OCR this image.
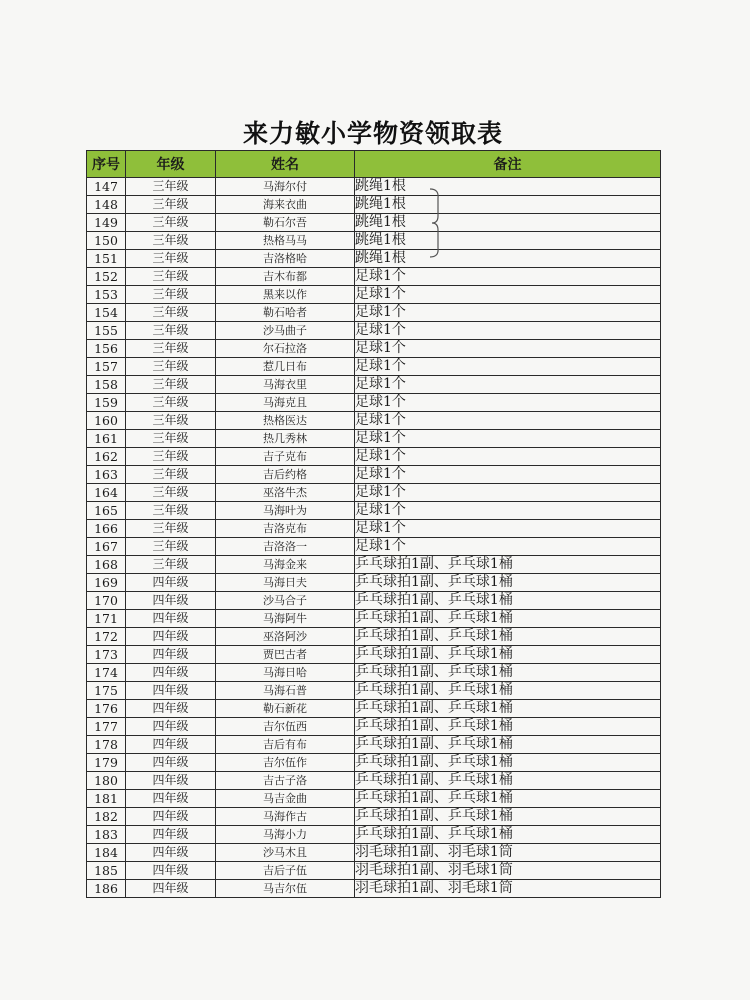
来力敏小学物资领取表
序号	年级	姓名	备注
147	三年级	马海尔付	跳绳1根
148	三年级	海来衣曲	跳绳1根
149	三年级	勒石尔吾	跳绳1根
150	三年级	热格马马	跳绳1根
151	三年级	吉洛格哈	跳绳1根
152	三年级	吉木布都	足球1个
153	三年级	黑来以作	足球1个
154	三年级	勒石哈者	足球1个
155	三年级	沙马曲子	足球1个
156	三年级	尔石拉洛	足球1个
157	三年级	惹几日布	足球1个
158	三年级	马海衣里	足球1个
159	三年级	马海克且	足球1个
160	三年级	热格医达	足球1个
161	三年级	热几秀林	足球1个
162	三年级	吉子克布	足球1个
163	三年级	吉后约格	足球1个
164	三年级	巫洛牛杰	足球1个
165	三年级	马海叶为	足球1个
166	三年级	吉洛克布	足球1个
167	三年级	吉洛洛一	足球1个
168	三年级	马海金来	乒乓球拍1副、乒乓球1桶
169	四年级	马海日夫	乒乓球拍1副、乒乓球1桶
170	四年级	沙马合子	乒乓球拍1副、乒乓球1桶
171	四年级	马海阿牛	乒乓球拍1副、乒乓球1桶
172	四年级	巫洛阿沙	乒乓球拍1副、乒乓球1桶
173	四年级	贾巴古者	乒乓球拍1副、乒乓球1桶
174	四年级	马海日哈	乒乓球拍1副、乒乓球1桶
175	四年级	马海石普	乒乓球拍1副、乒乓球1桶
176	四年级	勒石新花	乒乓球拍1副、乒乓球1桶
177	四年级	吉尔伍西	乒乓球拍1副、乒乓球1桶
178	四年级	吉后有布	乒乓球拍1副、乒乓球1桶
179	四年级	吉尔伍作	乒乓球拍1副、乒乓球1桶
180	四年级	吉古子洛	乒乓球拍1副、乒乓球1桶
181	四年级	马吉金曲	乒乓球拍1副、乒乓球1桶
182	四年级	马海作古	乒乓球拍1副、乒乓球1桶
183	四年级	马海小力	乒乓球拍1副、乒乓球1桶
184	四年级	沙马木且	羽毛球拍1副、羽毛球1筒
185	四年级	吉后子伍	羽毛球拍1副、羽毛球1筒
186	四年级	马吉尔伍	羽毛球拍1副、羽毛球1筒
